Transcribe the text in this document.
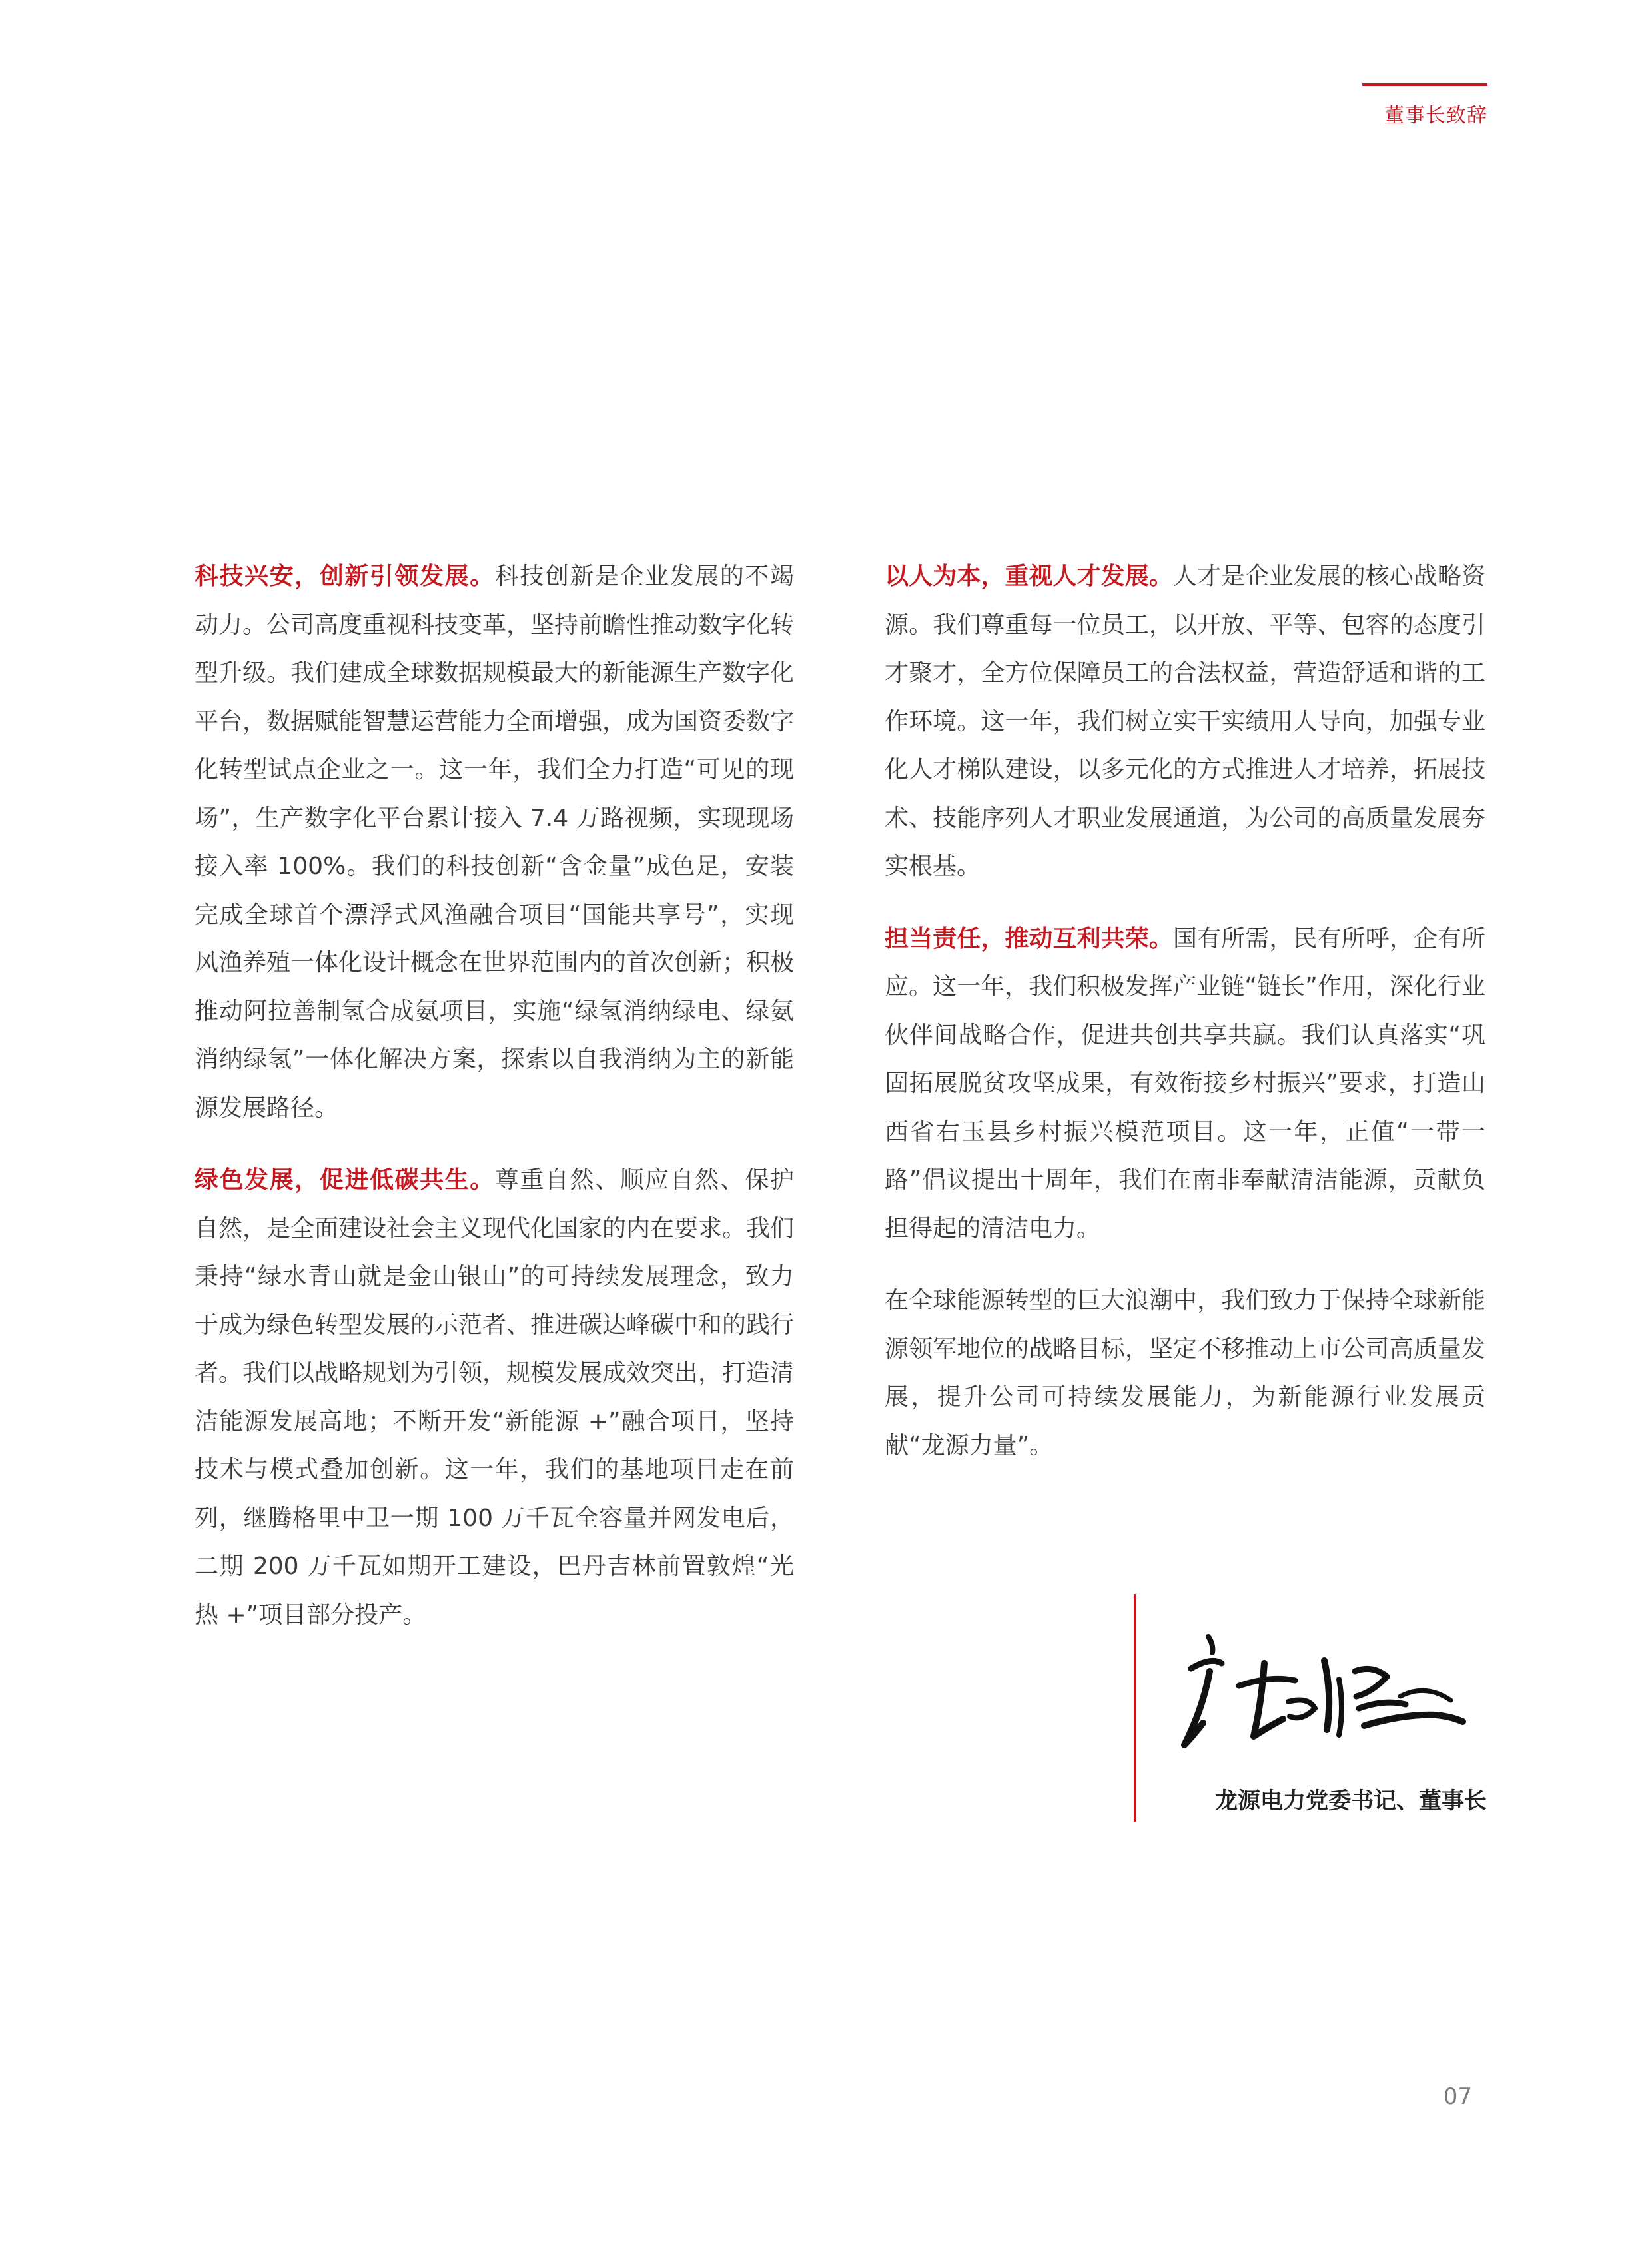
董事长致辞

科技兴安，创新引领发展。科技创新是企业发展的不竭动力。公司高度重视科技变革，坚持前瞻性推动数字化转型升级。我们建成全球数据规模最大的新能源生产数字化平台，数据赋能智慧运营能力全面增强，成为国资委数字化转型试点企业之一。这一年，我们全力打造“可见的现场”，生产数字化平台累计接入 7.4 万路视频，实现现场接入率 100%。我们的科技创新“含金量”成色足，安装完成全球首个漂浮式风渔融合项目“国能共享号”，实现风渔养殖一体化设计概念在世界范围内的首次创新；积极推动阿拉善制氢合成氨项目，实施“绿氢消纳绿电、绿氨消纳绿氢”一体化解决方案，探索以自我消纳为主的新能源发展路径。

绿色发展，促进低碳共生。尊重自然、顺应自然、保护自然，是全面建设社会主义现代化国家的内在要求。我们秉持“绿水青山就是金山银山”的可持续发展理念，致力于成为绿色转型发展的示范者、推进碳达峰碳中和的践行者。我们以战略规划为引领，规模发展成效突出，打造清洁能源发展高地；不断开发“新能源 +”融合项目，坚持技术与模式叠加创新。这一年，我们的基地项目走在前列，继腾格里中卫一期 100 万千瓦全容量并网发电后，二期 200 万千瓦如期开工建设，巴丹吉林前置敦煌“光热 +”项目部分投产。

以人为本，重视人才发展。人才是企业发展的核心战略资源。我们尊重每一位员工，以开放、平等、包容的态度引才聚才，全方位保障员工的合法权益，营造舒适和谐的工作环境。这一年，我们树立实干实绩用人导向，加强专业化人才梯队建设，以多元化的方式推进人才培养，拓展技术、技能序列人才职业发展通道，为公司的高质量发展夯实根基。

担当责任，推动互利共荣。国有所需，民有所呼，企有所应。这一年，我们积极发挥产业链“链长”作用，深化行业伙伴间战略合作，促进共创共享共赢。我们认真落实“巩固拓展脱贫攻坚成果，有效衔接乡村振兴”要求，打造山西省右玉县乡村振兴模范项目。这一年，正值“一带一路”倡议提出十周年，我们在南非奉献清洁能源，贡献负担得起的清洁电力。

在全球能源转型的巨大浪潮中，我们致力于保持全球新能源领军地位的战略目标，坚定不移推动上市公司高质量发展，提升公司可持续发展能力，为新能源行业发展贡献“龙源力量”。

龙源电力党委书记、董事长
07
